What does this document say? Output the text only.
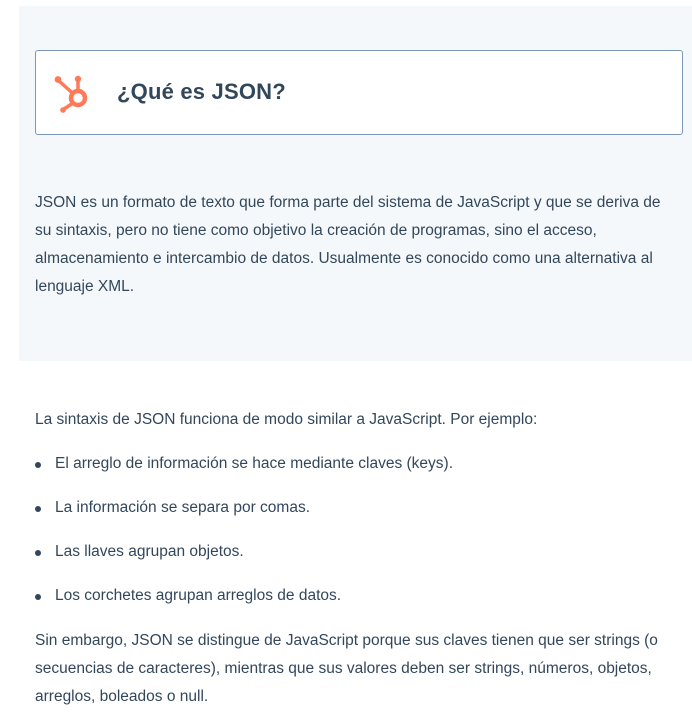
¿Qué es JSON?

JSON es un formato de texto que forma parte del sistema de JavaScript y que se deriva de su sintaxis, pero no tiene como objetivo la creación de programas, sino el acceso, almacenamiento e intercambio de datos. Usualmente es conocido como una alternativa al lenguaje XML.

La sintaxis de JSON funciona de modo similar a JavaScript. Por ejemplo:

El arreglo de información se hace mediante claves (keys).
La información se separa por comas.
Las llaves agrupan objetos.
Los corchetes agrupan arreglos de datos.

Sin embargo, JSON se distingue de JavaScript porque sus claves tienen que ser strings (o secuencias de caracteres), mientras que sus valores deben ser strings, números, objetos, arreglos, boleados o null.
